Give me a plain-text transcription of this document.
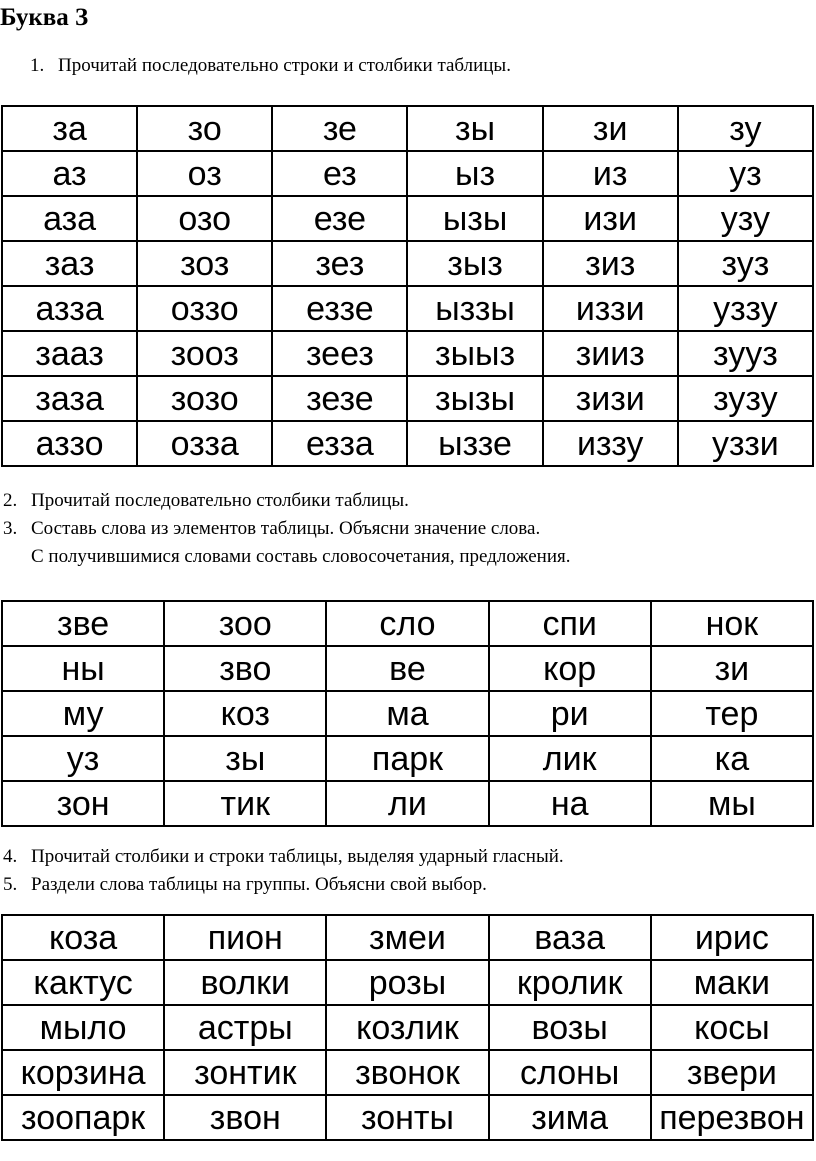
Буква З
1. Прочитай последовательно строки и столбики таблицы.
за	зо	зе	зы	зи	зу
аз	оз	ез	ыз	из	уз
аза	озо	езе	ызы	изи	узу
заз	зоз	зез	зыз	зиз	зуз
азза	оззо	еззе	ыззы	иззи	уззу
зааз	зооз	зеез	зыыз	зииз	зууз
заза	зозо	зезе	зызы	зизи	зузу
аззо	озза	езза	ыззе	иззу	уззи
2. Прочитай последовательно столбики таблицы.
3. Составь слова из элементов таблицы. Объясни значение слова.
С получившимися словами составь словосочетания, предложения.
зве	зоо	сло	спи	нок
ны	зво	ве	кор	зи
му	коз	ма	ри	тер
уз	зы	парк	лик	ка
зон	тик	ли	на	мы
4. Прочитай столбики и строки таблицы, выделяя ударный гласный.
5. Раздели слова таблицы на группы. Объясни свой выбор.
коза	пион	змеи	ваза	ирис
кактус	волки	розы	кролик	маки
мыло	астры	козлик	возы	косы
корзина	зонтик	звонок	слоны	звери
зоопарк	звон	зонты	зима	перезвон
